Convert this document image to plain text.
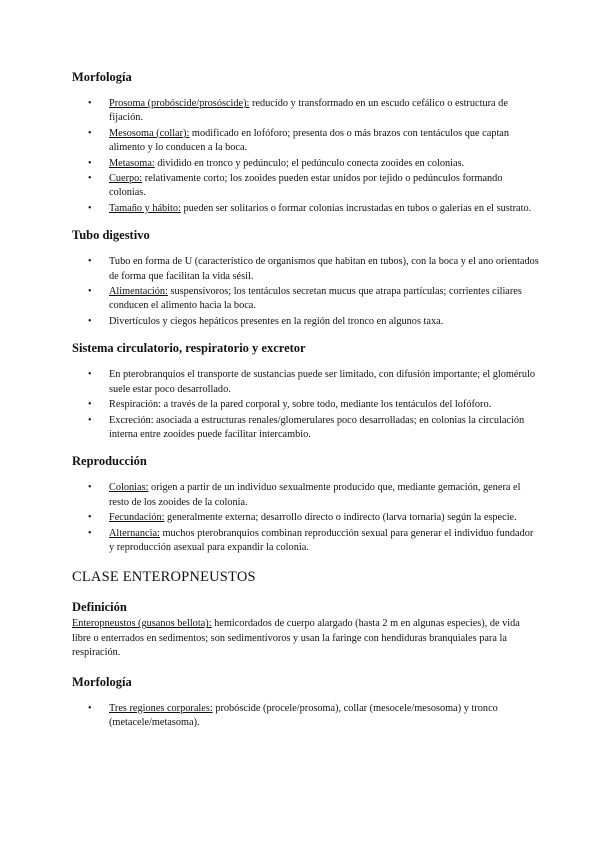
Morfología
• Prosoma (probóscide/prosóscide): reducido y transformado en un escudo cefálico o estructura de fijación.
• Mesosoma (collar): modificado en lofóforo; presenta dos o más brazos con tentáculos que captan alimento y lo conducen a la boca.
• Metasoma: dividido en tronco y pedúnculo; el pedúnculo conecta zooides en colonias.
• Cuerpo: relativamente corto; los zooides pueden estar unidos por tejido o pedúnculos formando colonias.
• Tamaño y hábito: pueden ser solitarios o formar colonias incrustadas en tubos o galerías en el sustrato.
Tubo digestivo
• Tubo en forma de U (característico de organismos que habitan en tubos), con la boca y el ano orientados de forma que facilitan la vida sésil.
• Alimentación: suspensívoros; los tentáculos secretan mucus que atrapa partículas; corrientes ciliares conducen el alimento hacia la boca.
• Divertículos y ciegos hepáticos presentes en la región del tronco en algunos taxa.
Sistema circulatorio, respiratorio y excretor
• En pterobranquios el transporte de sustancias puede ser limitado, con difusión importante; el glomérulo suele estar poco desarrollado.
• Respiración: a través de la pared corporal y, sobre todo, mediante los tentáculos del lofóforo.
• Excreción: asociada a estructuras renales/glomerulares poco desarrolladas; en colonias la circulación interna entre zooides puede facilitar intercambio.
Reproducción
• Colonias: origen a partir de un individuo sexualmente producido que, mediante gemación, genera el resto de los zooides de la colonia.
• Fecundación: generalmente externa; desarrollo directo o indirecto (larva tornaria) según la especie.
• Alternancia: muchos pterobranquios combinan reproducción sexual para generar el individuo fundador y reproducción asexual para expandir la colonia.
CLASE ENTEROPNEUSTOS
Definición

Enteropneustos (gusanos bellota): hemicordados de cuerpo alargado (hasta 2 m en algunas especies), de vida libre o enterrados en sedimentos; son sedimentívoros y usan la faringe con hendiduras branquiales para la respiración.

Morfología
• Tres regiones corporales: probóscide (procele/prosoma), collar (mesocele/mesosoma) y tronco (metacele/metasoma).
